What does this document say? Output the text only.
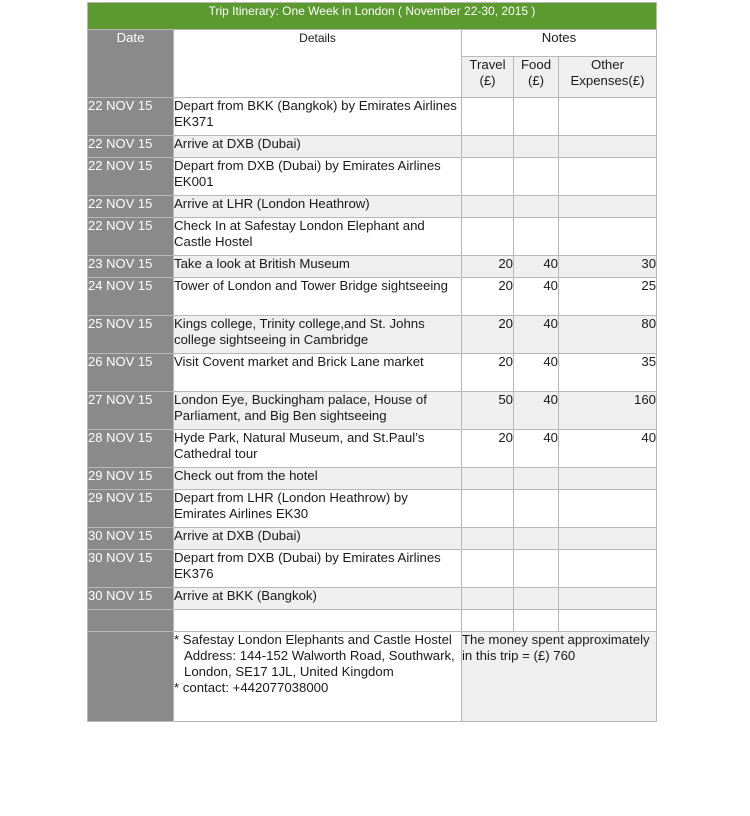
Trip Itinerary: One Week in London ( November 22-30, 2015 )				
Date	Details	Notes		
		Travel (£)	Food (£)	Other Expenses(£)
22 NOV 15	Depart from BKK (Bangkok) by Emirates Airlines EK371			
22 NOV 15	Arrive at DXB (Dubai)			
22 NOV 15	Depart from DXB (Dubai) by Emirates Airlines EK001			
22 NOV 15	Arrive at LHR (London Heathrow)			
22 NOV 15	Check In at Safestay London Elephant and Castle Hostel			
23 NOV 15	Take a look at British Museum	20	40	30
24 NOV 15	Tower of London and Tower Bridge sightseeing	20	40	25
25 NOV 15	Kings college, Trinity college,and St. Johns college sightseeing in Cambridge	20	40	80
26 NOV 15	Visit Covent market and Brick Lane market	20	40	35
27 NOV 15	London Eye, Buckingham palace, House of Parliament, and Big Ben sightseeing	50	40	160
28 NOV 15	Hyde Park, Natural Museum, and St.Paul’s Cathedral tour	20	40	40
29 NOV 15	Check out from the hotel			
29 NOV 15	Depart from LHR (London Heathrow) by Emirates Airlines EK30			
30 NOV 15	Arrive at DXB (Dubai)			
30 NOV 15	Depart from DXB (Dubai) by Emirates Airlines EK376			
30 NOV 15	Arrive at BKK (Bangkok)			

	* Safestay London Elephants and Castle Hostel Address: 144-152 Walworth Road, Southwark, London, SE17 1JL, United Kingdom
* contact: +442077038000	The money spent approximately in this trip = (£) 760		
